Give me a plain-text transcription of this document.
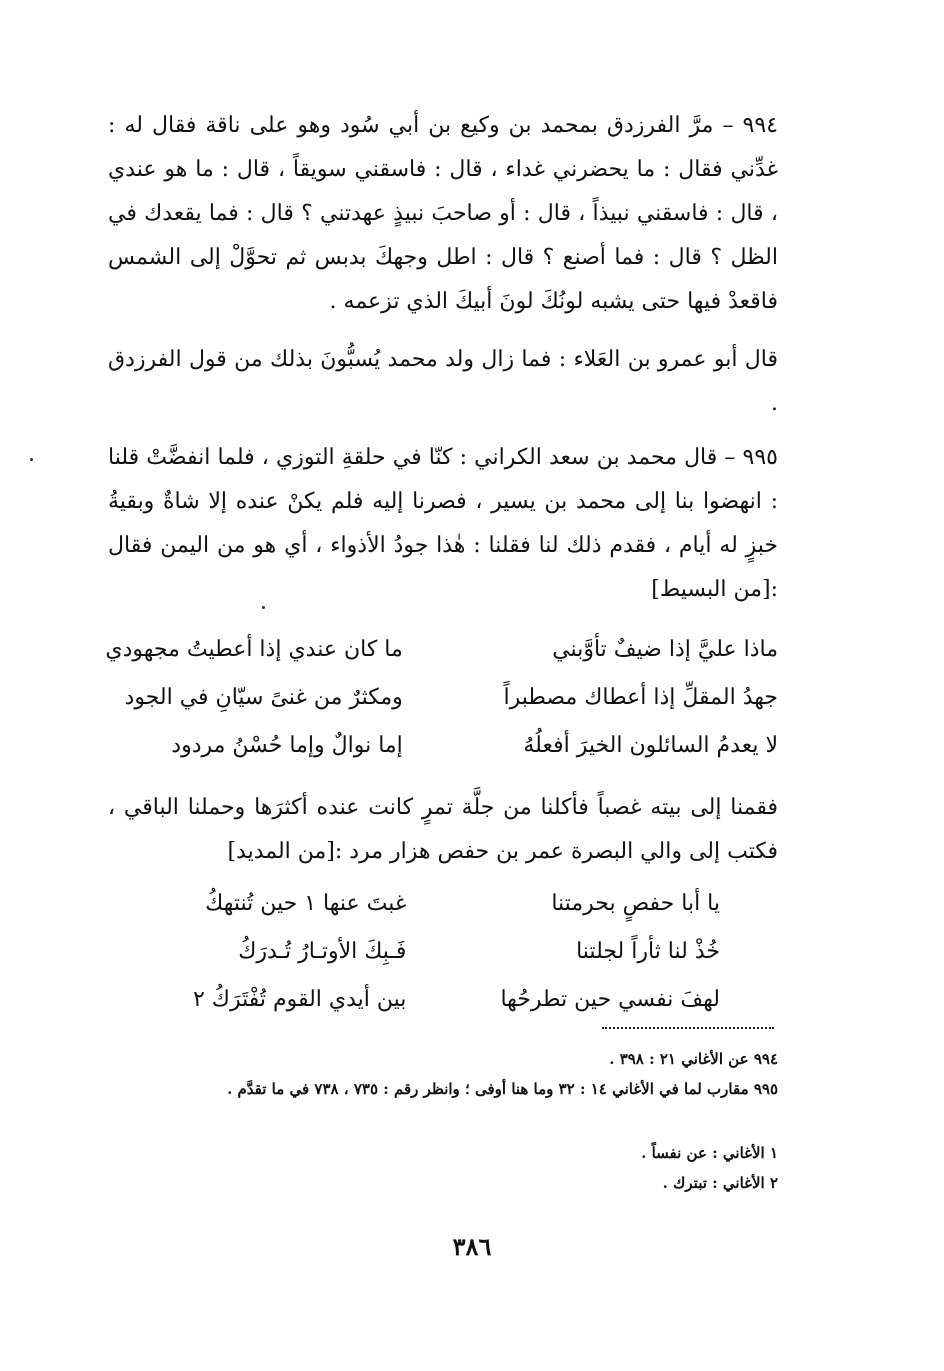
٩٩٤ – مرَّ الفرزدق بمحمد بن وكيع بن أبي سُود وهو على ناقة فقال له : غدِّني فقال : ما يحضرني غداء ، قال : فاسقني سويقاً ، قال : ما هو عندي ، قال : فاسقني نبيذاً ، قال : أو صاحبَ نبيذٍ عهدتني ؟ قال : فما يقعدك في الظل ؟ قال : فما أصنع ؟ قال : اطل وجهكَ بدبس ثم تحوَّلْ إلى الشمس فاقعدْ فيها حتى يشبه لونُكَ لونَ أبيكَ الذي تزعمه .

قال أبو عمرو بن العَلاء : فما زال ولد محمد يُسبُّونَ بذلك من قول الفرزدق .

٩٩٥ – قال محمد بن سعد الكراني : كنّا في حلقةِ التوزي ، فلما انفضَّتْ قلنا : انهضوا بنا إلى محمد بن يسير ، فصرنا إليه فلم يكنْ عنده إلا شاةٌ وبقيةُ خبزٍ له أيام ، فقدم ذلك لنا فقلنا : هٰذا جودُ الأذواء ، أي هو من اليمن فقال :[من البسيط]

ماذا عليَّ إذا ضيفٌ تأوَّبني
ما كان عندي إذا أعطيتُ مجهودي
جهدُ المقلِّ إذا أعطاك مصطبراً
ومكثرٌ من غنىً سيّانِ في الجود
لا يعدمُ السائلون الخيرَ أفعلُهُ
إما نوالٌ وإما حُسْنُ مردود

فقمنا إلى بيته غصباً فأكلنا من جلَّة تمرٍ كانت عنده أكثرَها وحملنا الباقي ، فكتب إلى والي البصرة عمر بن حفص هزار مرد :[من المديد]

يا أبا حفصٍ بحرمتنا
غبتَ عنها ١ حين تُنتهكُ
خُذْ لنا ثأراً لجلتنا
فَـبِكَ الأوتـارُ تُـدرَكُ
لهفَ نفسي حين تطرحُها
بين أيدي القوم تُفْتَرَكُ ٢
٩٩٤ عن الأغاني ٢١ : ٣٩٨ .
٩٩٥ مقارب لما في الأغاني ١٤ : ٣٢ وما هنا أوفى ؛ وانظر رقم : ٧٣٥ ، ٧٣٨ في ما تقدَّم .
١ الأغاني : عن نفساً .
٢ الأغاني : تبترك .
٣٨٦
